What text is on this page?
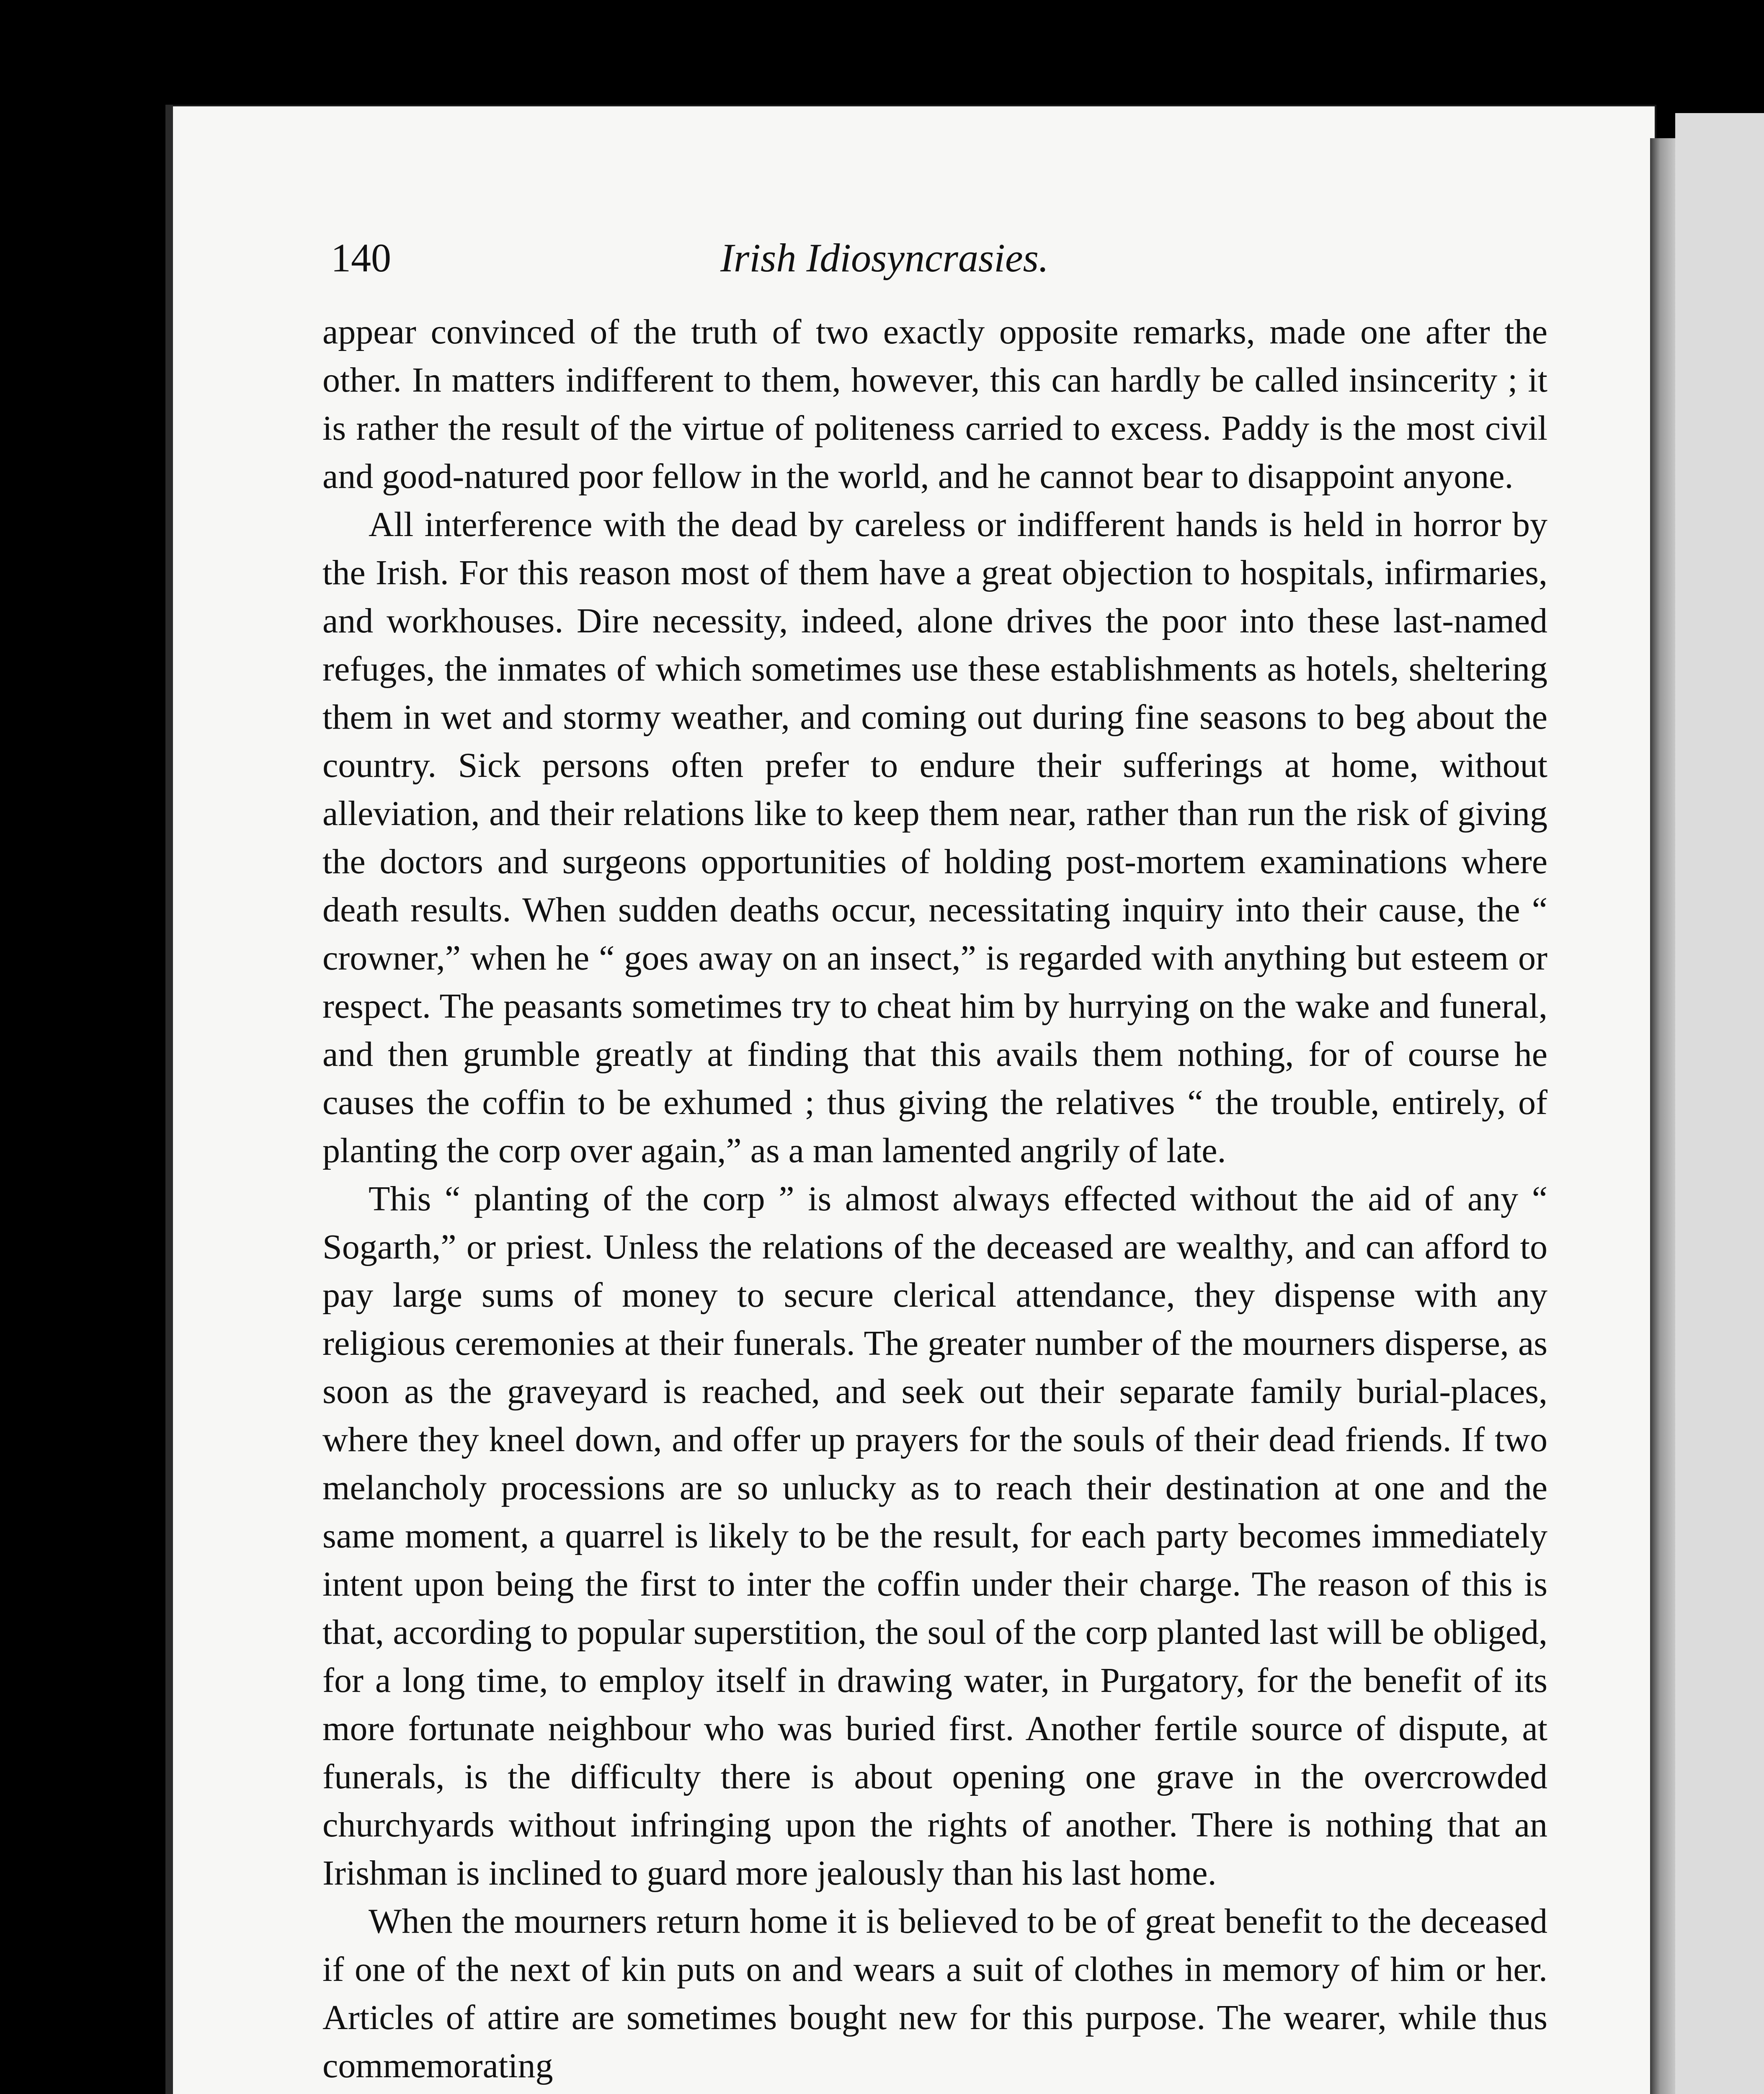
140	Irish Idiosyncrasies.

appear convinced of the truth of two exactly opposite remarks, made one after the other. In matters indifferent to them, however, this can hardly be called insincerity ; it is rather the result of the virtue of politeness carried to excess. Paddy is the most civil and good-natured poor fellow in the world, and he cannot bear to disappoint anyone.

All interference with the dead by careless or indifferent hands is held in horror by the Irish. For this reason most of them have a great objection to hospitals, infirmaries, and workhouses. Dire necessity, indeed, alone drives the poor into these last-named refuges, the inmates of which sometimes use these establishments as hotels, sheltering them in wet and stormy weather, and coming out during fine seasons to beg about the country. Sick persons often prefer to endure their sufferings at home, without alleviation, and their relations like to keep them near, rather than run the risk of giving the doctors and surgeons opportunities of holding post-mortem examinations where death results. When sudden deaths occur, necessitating inquiry into their cause, the “ crowner,” when he “ goes away on an insect,” is regarded with anything but esteem or respect. The peasants sometimes try to cheat him by hurrying on the wake and funeral, and then grumble greatly at finding that this avails them nothing, for of course he causes the coffin to be exhumed ; thus giving the relatives “ the trouble, entirely, of planting the corp over again,” as a man lamented angrily of late.

This “ planting of the corp ” is almost always effected without the aid of any “ Sogarth,” or priest. Unless the relations of the deceased are wealthy, and can afford to pay large sums of money to secure clerical attendance, they dispense with any religious ceremonies at their funerals. The greater number of the mourners disperse, as soon as the graveyard is reached, and seek out their separate family burial-places, where they kneel down, and offer up prayers for the souls of their dead friends. If two melancholy processions are so unlucky as to reach their destination at one and the same moment, a quarrel is likely to be the result, for each party becomes immediately intent upon being the first to inter the coffin under their charge. The reason of this is that, according to popular superstition, the soul of the corp planted last will be obliged, for a long time, to employ itself in drawing water, in Purgatory, for the benefit of its more fortunate neighbour who was buried first. Another fertile source of dispute, at funerals, is the difficulty there is about opening one grave in the overcrowded churchyards without infringing upon the rights of another. There is nothing that an Irishman is inclined to guard more jealously than his last home.

When the mourners return home it is believed to be of great benefit to the deceased if one of the next of kin puts on and wears a suit of clothes in memory of him or her. Articles of attire are sometimes bought new for this purpose. The wearer, while thus commemorating
